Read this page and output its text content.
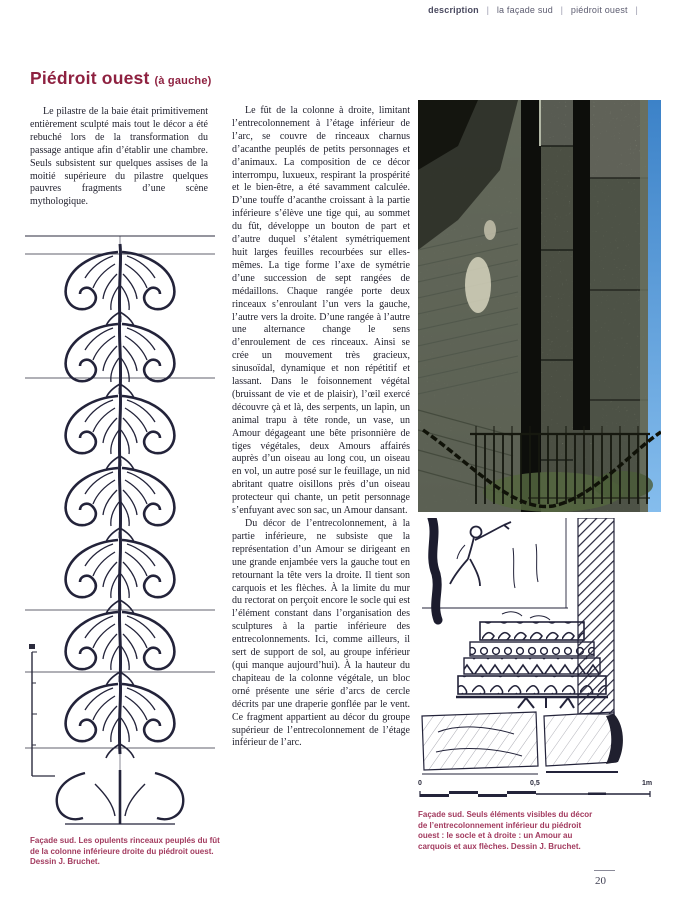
description | la façade sud | piédroit ouest |
Piédroit ouest (à gauche)

Le pilastre de la baie était primitivement entièrement sculpté mais tout le décor a été rebuché lors de la transformation du passage antique afin d’établir une chambre. Seuls subsistent sur quelques assises de la moitié supérieure du pilastre quelques pauvres fragments d’une scène mythologique.

Façade sud. Les opulents rinceaux peuplés du fût de la colonne inférieure droite du piédroit ouest. Dessin J. Bruchet.

Le fût de la colonne à droite, limitant l’entrecolonnement à l’étage inférieur de l’arc, se couvre de rinceaux charnus d’acanthe peuplés de petits personnages et d’animaux. La composition de ce décor interrompu, luxueux, respirant la prospérité et le bien-être, a été savamment calculée. D’une touffe d’acanthe croissant à la partie inférieure s’élève une tige qui, au sommet du fût, développe un bouton de part et d’autre duquel s’étalent symétriquement huit larges feuilles recourbées sur elles-mêmes. La tige forme l’axe de symétrie d’une succession de sept rangées de médaillons. Chaque rangée porte deux rinceaux s’enroulant l’un vers la gauche, l’autre vers la droite. D’une rangée à l’autre une alternance change le sens d’enroulement de ces rinceaux. Ainsi se crée un mouvement très gracieux, sinusoïdal, dynamique et non répétitif et lassant. Dans le foisonnement végétal (bruissant de vie et de plaisir), l’œil exercé découvre çà et là, des serpents, un lapin, un animal trapu à tête ronde, un vase, un Amour dégageant une bête prisonnière de tiges végétales, deux Amours affairés auprès d’un oiseau au long cou, un oiseau en vol, un autre posé sur le feuillage, un nid abritant quatre oisillons près d’un oiseau protecteur qui chante, un petit personnage s’enfuyant avec son sac, un Amour dansant.

Du décor de l’entrecolonnement, à la partie inférieure, ne subsiste que la représentation d’un Amour se dirigeant en une grande enjambée vers la gauche tout en retournant la tête vers la droite. Il tient son carquois et les flèches. À la limite du mur du rectorat on perçoit encore le socle qui est l’élément constant dans l’organisation des sculptures à la partie inférieure des entrecolonnements. Ici, comme ailleurs, il sert de support de sol, au groupe inférieur (qui manque aujourd’hui). À la hauteur du chapiteau de la colonne végétale, un bloc orné présente une série d’arcs de cercle décrits par une draperie gonflée par le vent. Ce fragment appartient au décor du groupe supérieur de l’entrecolonnement de l’étage inférieur de l’arc.

0	0,5	1m

Façade sud. Seuls éléments visibles du décor de l’entrecolonnement inférieur du piédroit ouest : le socle et à droite : un Amour au carquois et aux flèches. Dessin J. Bruchet.

20
